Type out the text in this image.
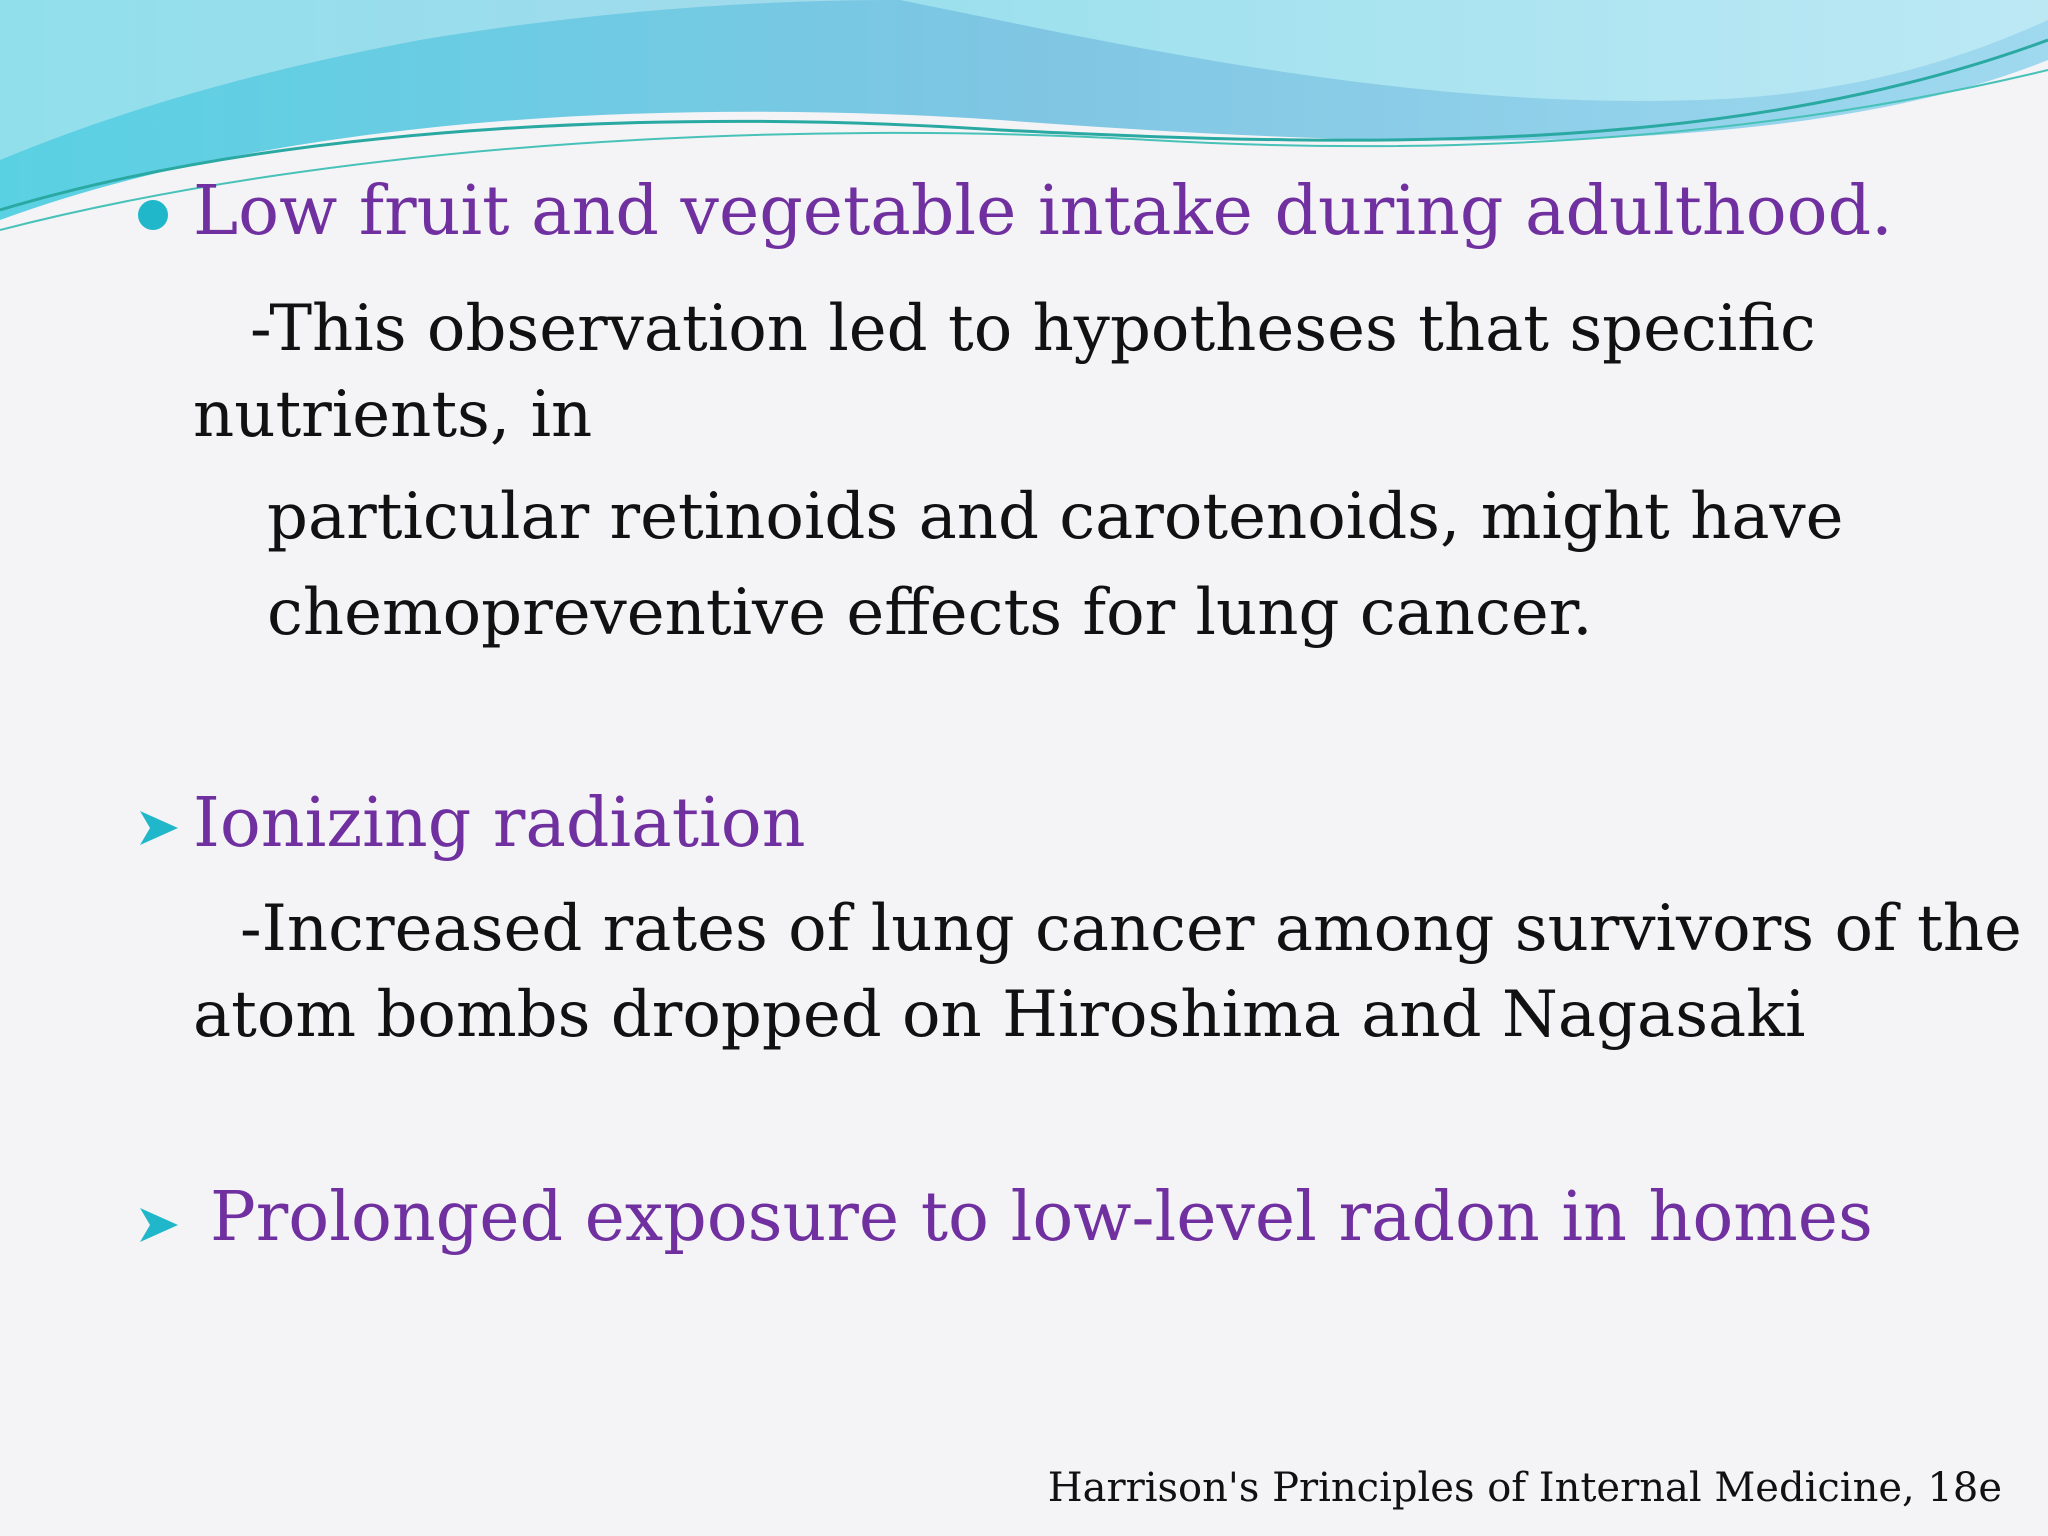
Low fruit and vegetable intake during adulthood.
-This observation led to hypotheses that specific
nutrients, in
particular retinoids and carotenoids, might have
chemopreventive effects for lung cancer.
Ionizing radiation
-Increased rates of lung cancer among survivors of the
atom bombs dropped on Hiroshima and Nagasaki
Prolonged exposure to low-level radon in homes
Harrison's Principles of Internal Medicine, 18e
